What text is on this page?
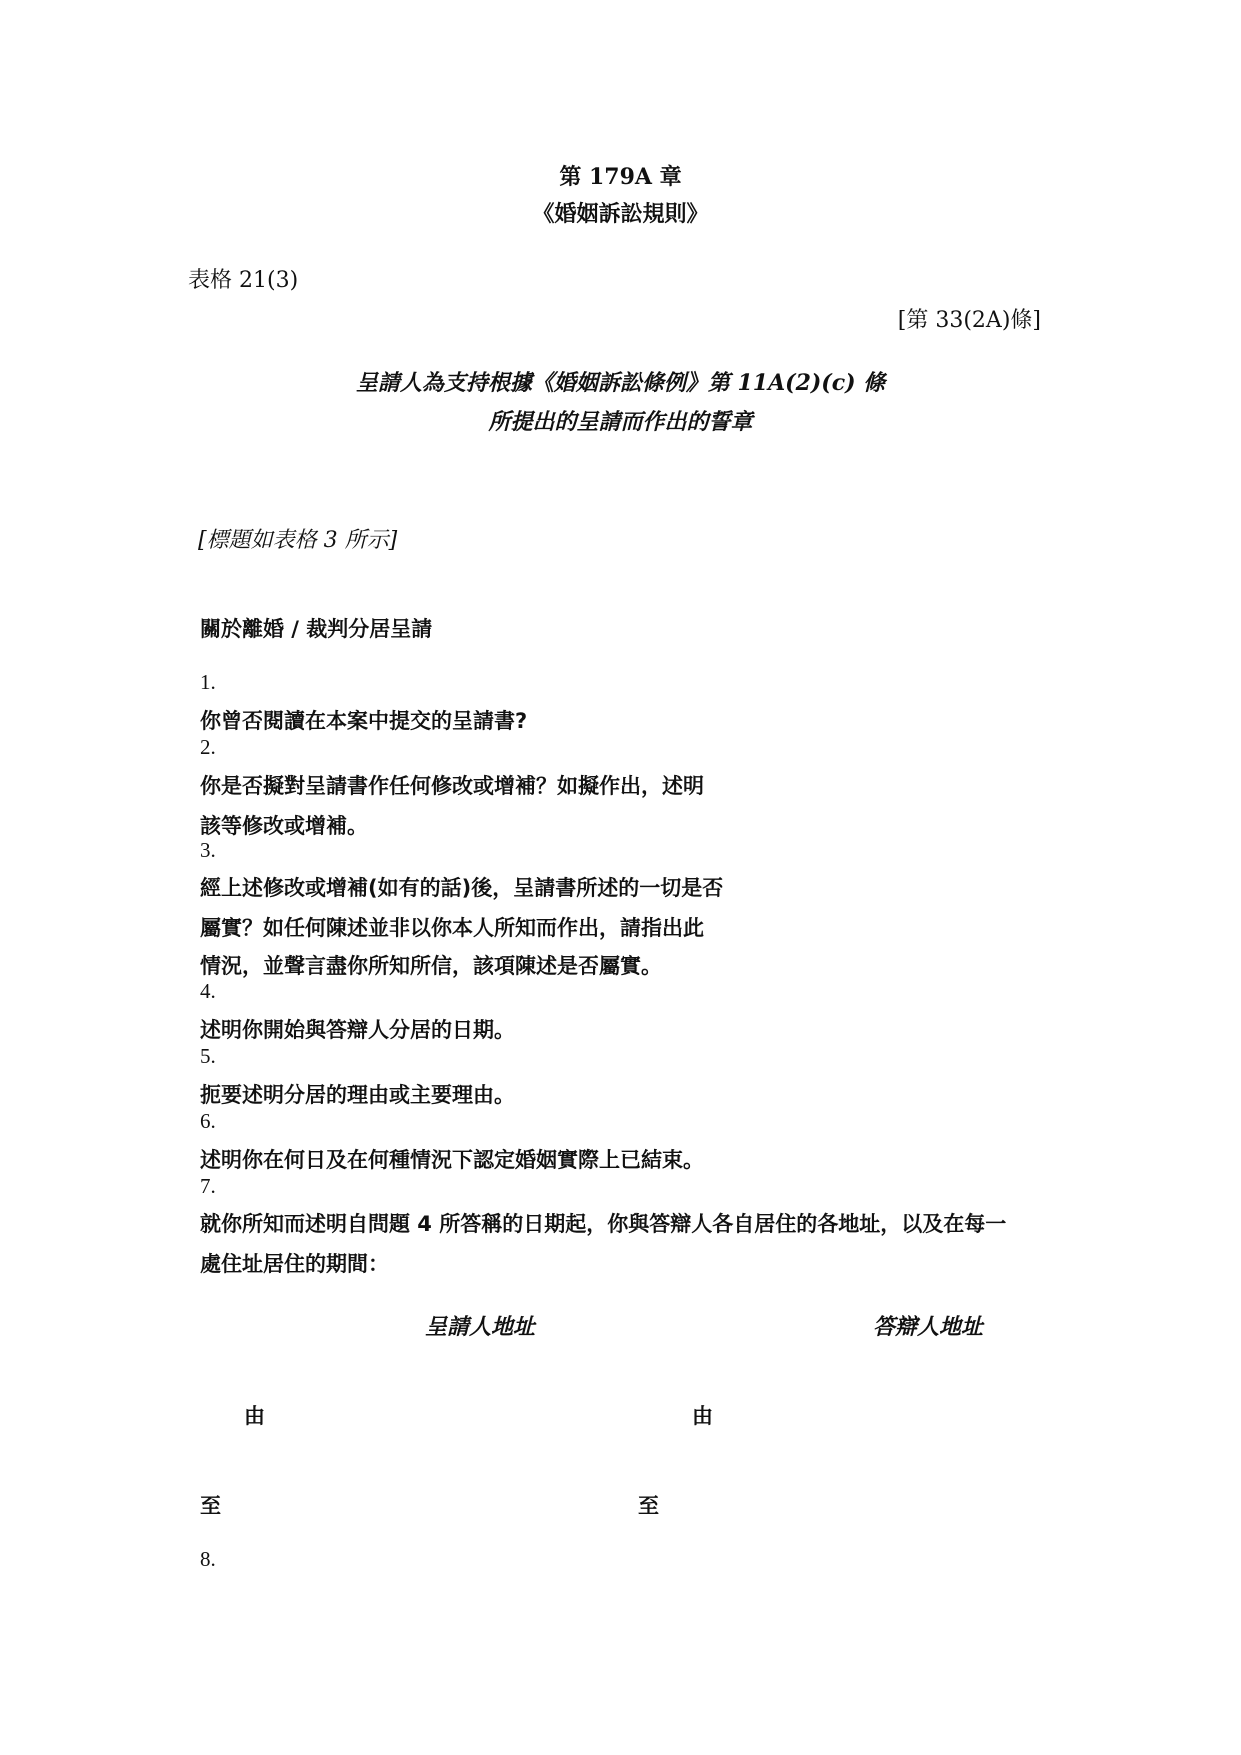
第 179A 章
《婚姻訴訟規則》
表格 21(3)
[第 33(2A)條]
呈請人為支持根據《婚姻訴訟條例》第 11A(2)(c) 條
所提出的呈請而作出的誓章
[標題如表格 3 所示]
關於離婚 / 裁判分居呈請
1.
你曾否閱讀在本案中提交的呈請書?
2.
你是否擬對呈請書作任何修改或增補？如擬作出，述明
該等修改或增補。
3.
經上述修改或增補(如有的話)後，呈請書所述的一切是否
屬實？如任何陳述並非以你本人所知而作出，請指出此
情況，並聲言盡你所知所信，該項陳述是否屬實。
4.
述明你開始與答辯人分居的日期。
5.
扼要述明分居的理由或主要理由。
6.
述明你在何日及在何種情況下認定婚姻實際上已結束。
7.
就你所知而述明自問題 4 所答稱的日期起，你與答辯人各自居住的各地址，以及在每一
處住址居住的期間：
呈請人地址	答辯人地址
由	由
至	至
8.
